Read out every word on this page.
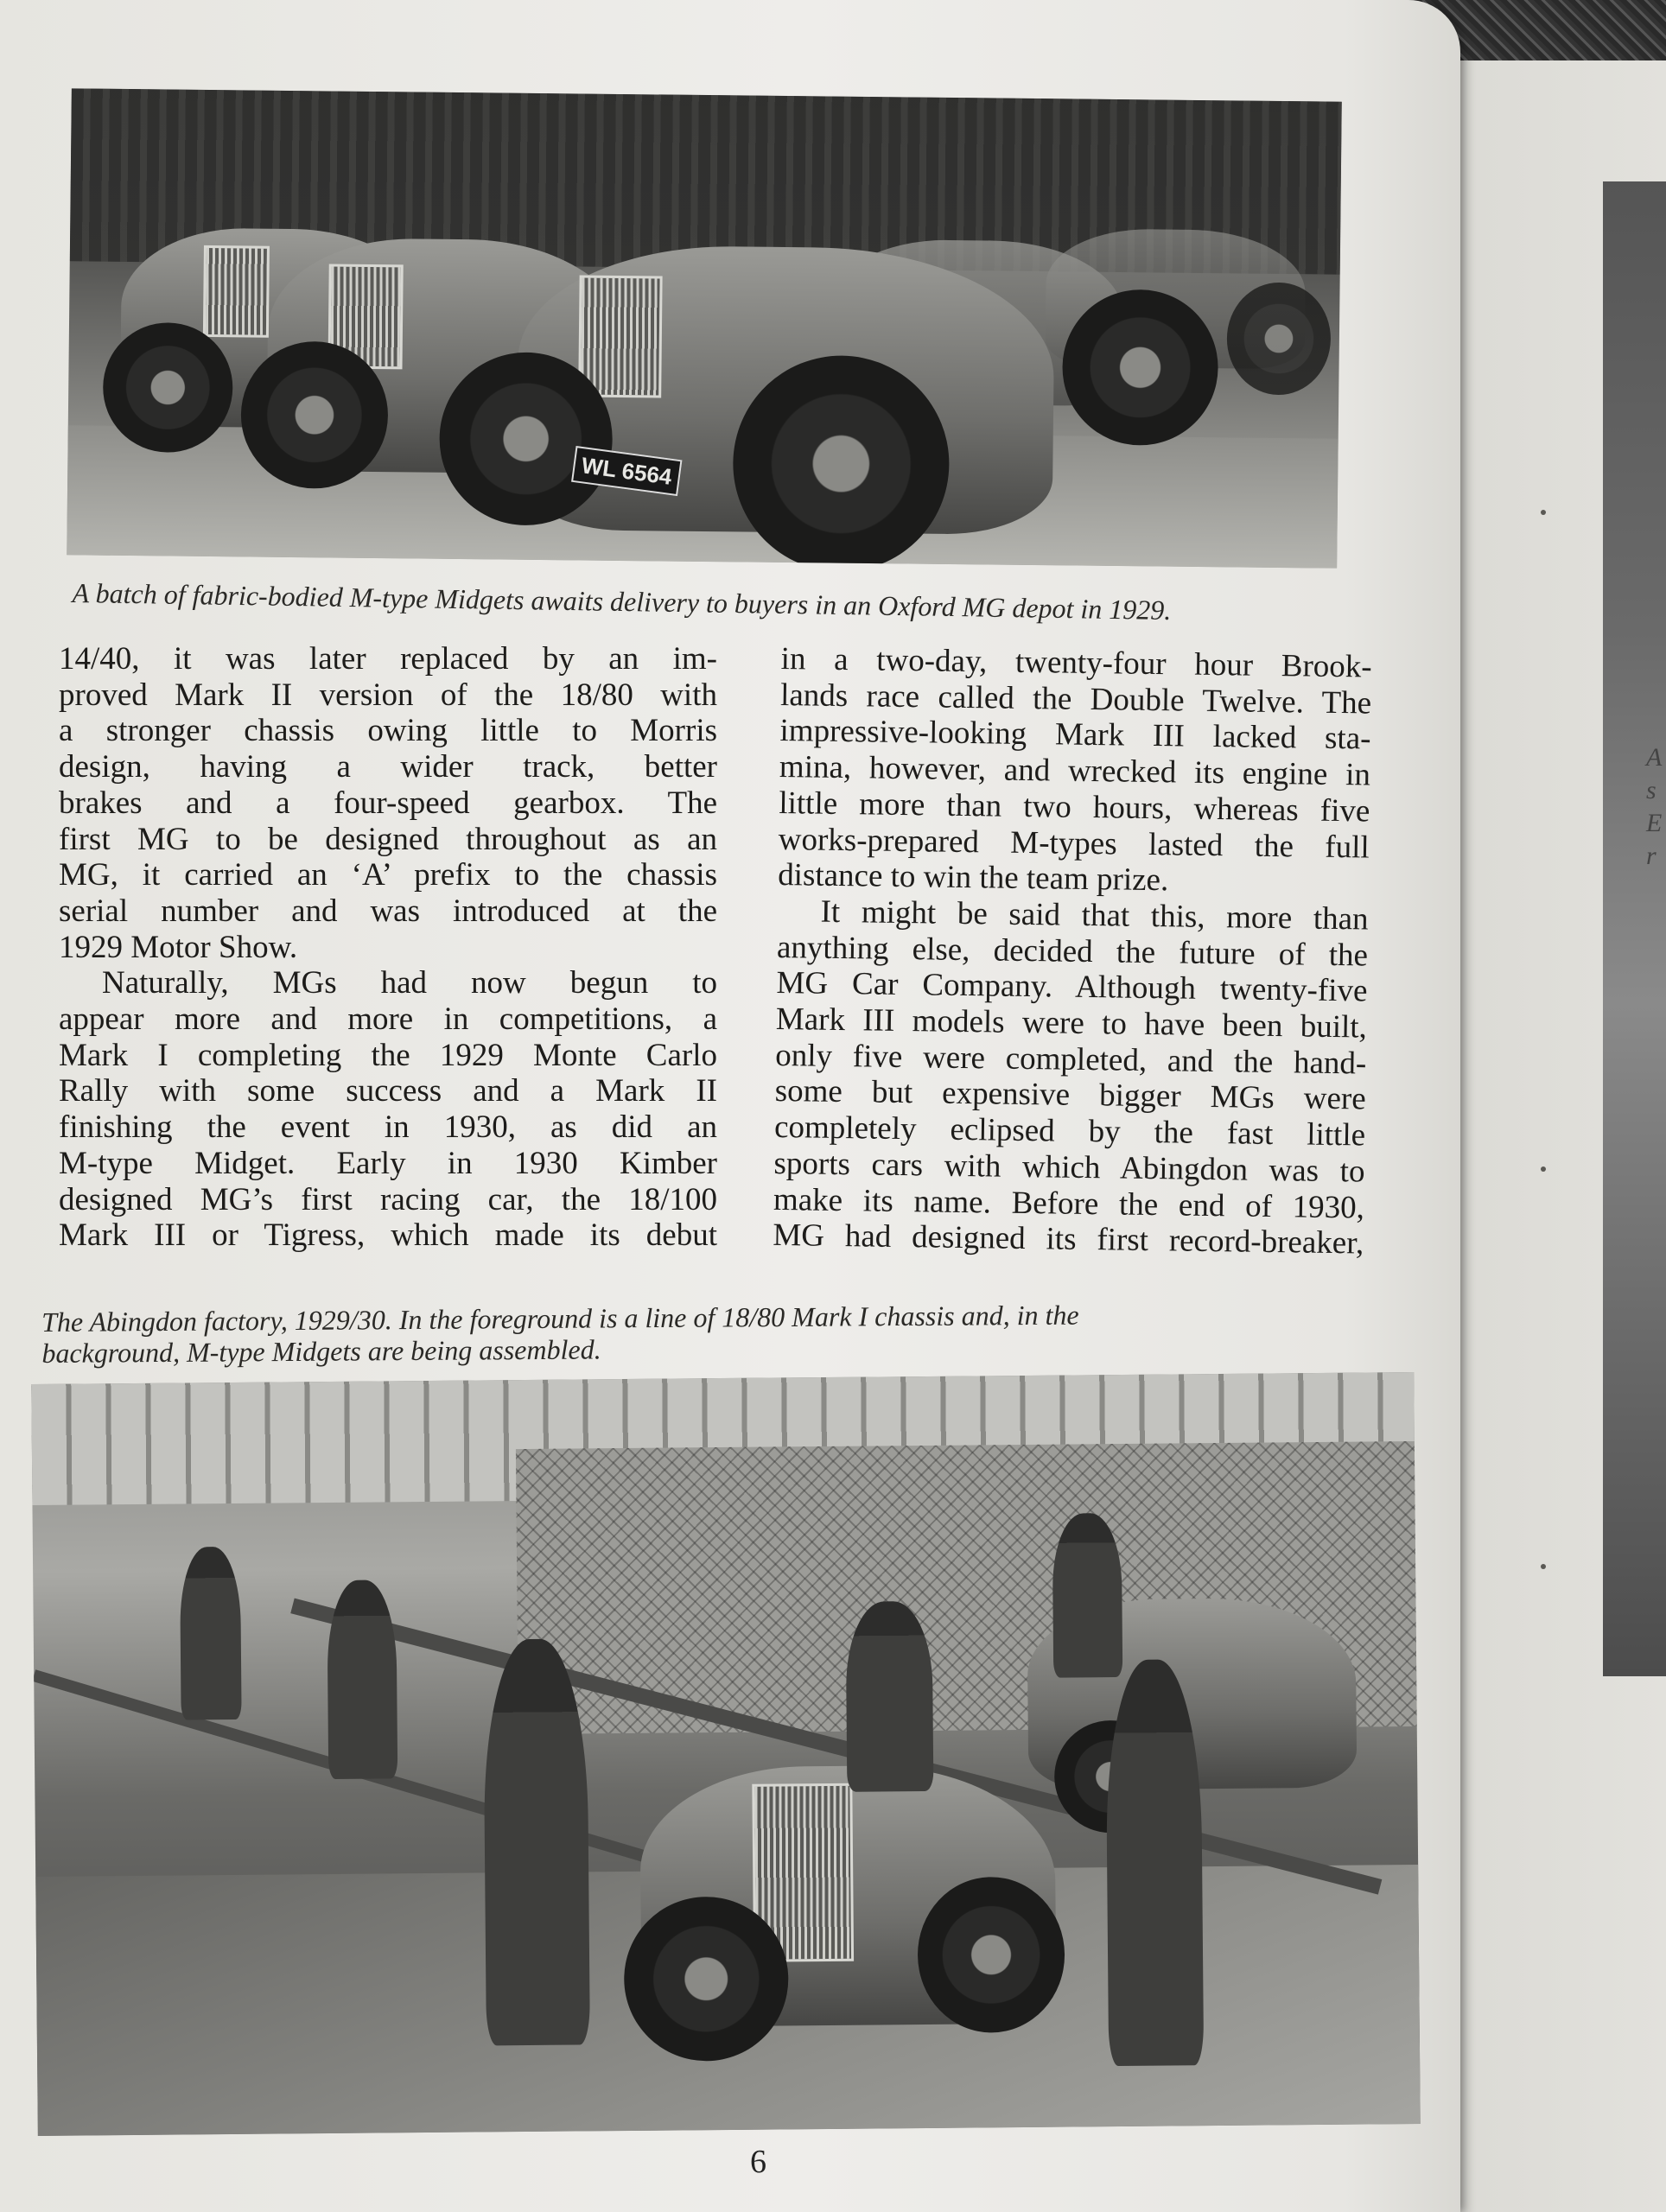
A
s
E
r
WL 6564
A batch of fabric-bodied M-type Midgets awaits delivery to buyers in an Oxford MG depot in 1929.

14/40, it was later replaced by an im-

proved Mark II version of the 18/80 with

a stronger chassis owing little to Morris

design, having a wider track, better

brakes and a four-speed gearbox. The

first MG to be designed throughout as an

MG, it carried an ‘A’ prefix to the chassis

serial number and was introduced at the

1929 Motor Show.

Naturally, MGs had now begun to

appear more and more in competitions, a

Mark I completing the 1929 Monte Carlo

Rally with some success and a Mark II

finishing the event in 1930, as did an

M-type Midget. Early in 1930 Kimber

designed MG’s first racing car, the 18/100

Mark III or Tigress, which made its debut

in a two-day, twenty-four hour Brook-

lands race called the Double Twelve. The

impressive-looking Mark III lacked sta-

mina, however, and wrecked its engine in

little more than two hours, whereas five

works-prepared M-types lasted the full

distance to win the team prize.

It might be said that this, more than

anything else, decided the future of the

MG Car Company. Although twenty-five

Mark III models were to have been built,

only five were completed, and the hand-

some but expensive bigger MGs were

completely eclipsed by the fast little

sports cars with which Abingdon was to

make its name. Before the end of 1930,

MG had designed its first record-breaker,

The Abingdon factory, 1929/30. In the foreground is a line of 18/80 Mark I chassis and, in the
background, M-type Midgets are being assembled.
6
